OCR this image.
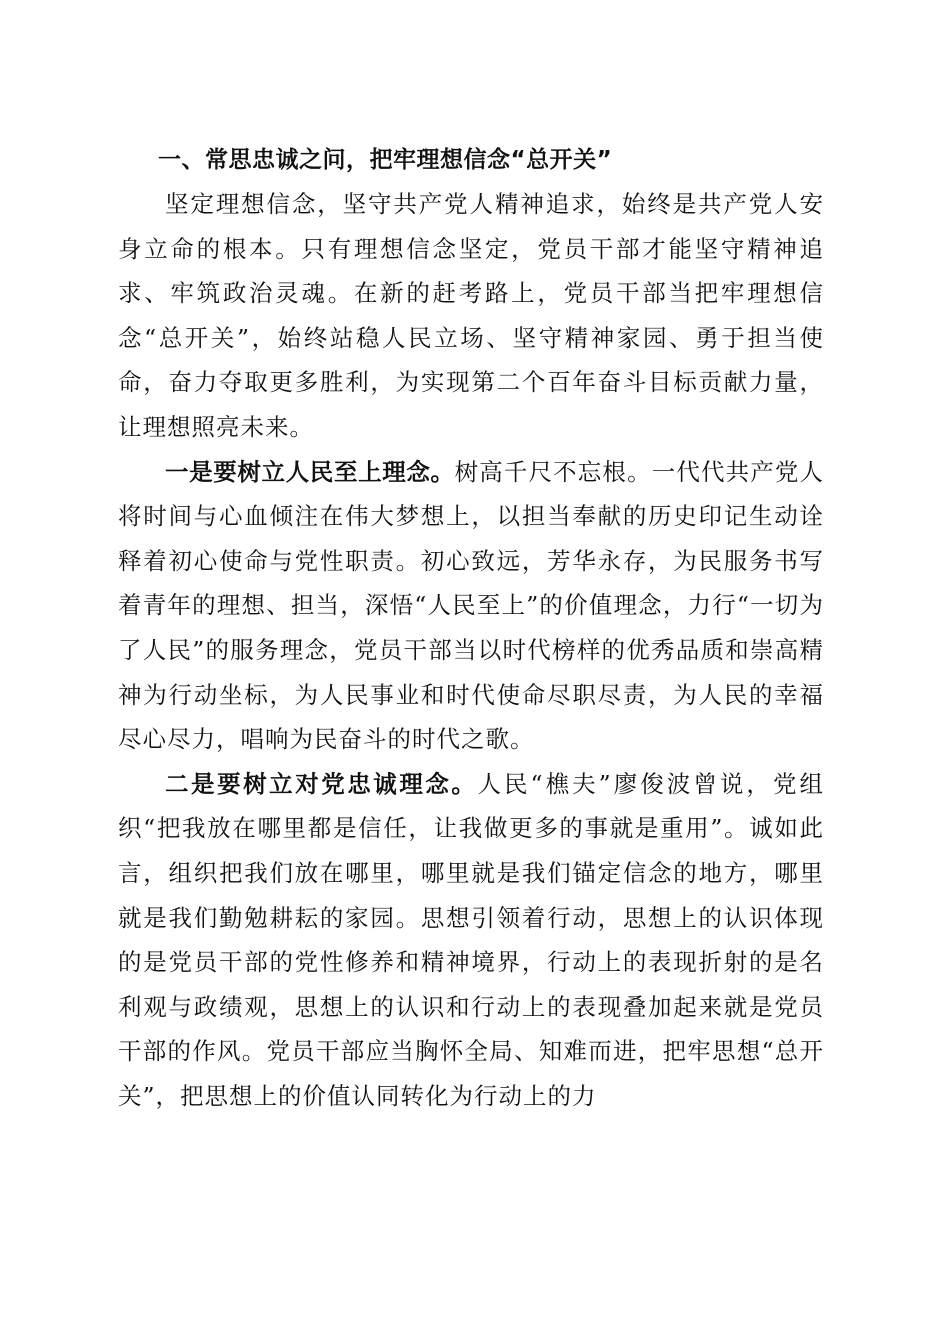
一、常思忠诚之问，把牢理想信念“总开关”

坚定理想信念，坚守共产党人精神追求，始终是共产党人安身立命的根本。只有理想信念坚定，党员干部才能坚守精神追求、牢筑政治灵魂。在新的赶考路上，党员干部当把牢理想信念“总开关”，始终站稳人民立场、坚守精神家园、勇于担当使命，奋力夺取更多胜利，为实现第二个百年奋斗目标贡献力量，让理想照亮未来。

一是要树立人民至上理念。树高千尺不忘根。一代代共产党人将时间与心血倾注在伟大梦想上，以担当奉献的历史印记生动诠释着初心使命与党性职责。初心致远，芳华永存，为民服务书写着青年的理想、担当，深悟“人民至上”的价值理念，力行“一切为了人民”的服务理念，党员干部当以时代榜样的优秀品质和崇高精神为行动坐标，为人民事业和时代使命尽职尽责，为人民的幸福尽心尽力，唱响为民奋斗的时代之歌。

二是要树立对党忠诚理念。人民“樵夫”廖俊波曾说，党组织“把我放在哪里都是信任，让我做更多的事就是重用”。诚如此言，组织把我们放在哪里，哪里就是我们锚定信念的地方，哪里就是我们勤勉耕耘的家园。思想引领着行动，思想上的认识体现的是党员干部的党性修养和精神境界，行动上的表现折射的是名利观与政绩观，思想上的认识和行动上的表现叠加起来就是党员干部的作风。党员干部应当胸怀全局、知难而进，把牢思想“总开关”，把思想上的价值认同转化为行动上的力
